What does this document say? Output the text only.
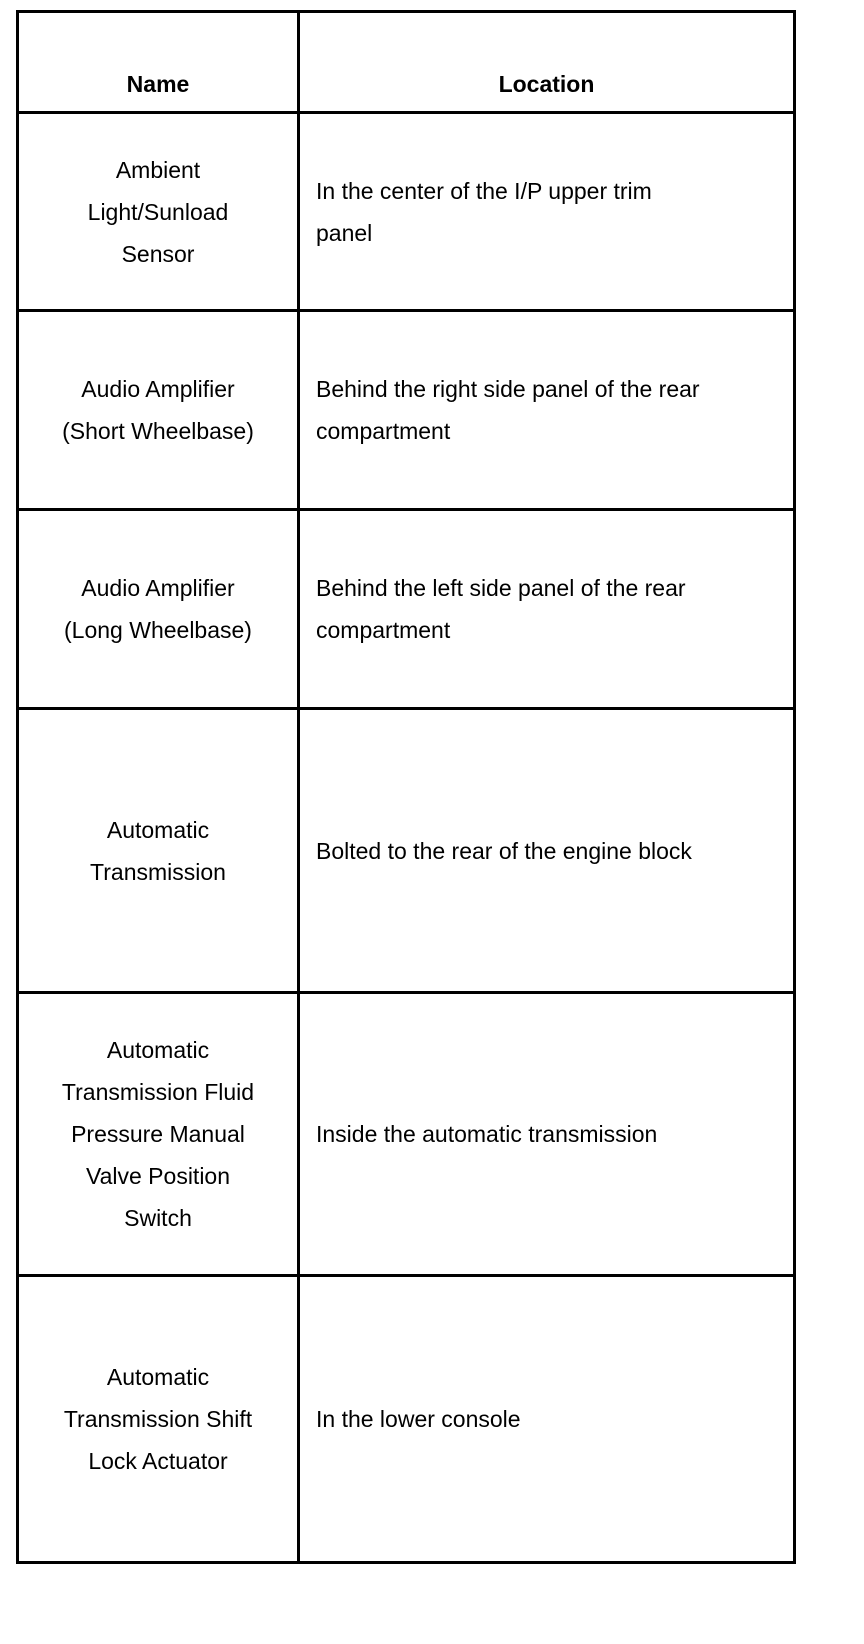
Name	Location
Ambient
Light/Sunload
Sensor
In the center of the I/P upper trim panel
Audio Amplifier
(Short Wheelbase)
Behind the right side panel of the rear compartment
Audio Amplifier
(Long Wheelbase)
Behind the left side panel of the rear compartment
Automatic
Transmission
Bolted to the rear of the engine block
Automatic
Transmission Fluid
Pressure Manual
Valve Position
Switch
Inside the automatic transmission
Automatic
Transmission Shift
Lock Actuator
In the lower console
